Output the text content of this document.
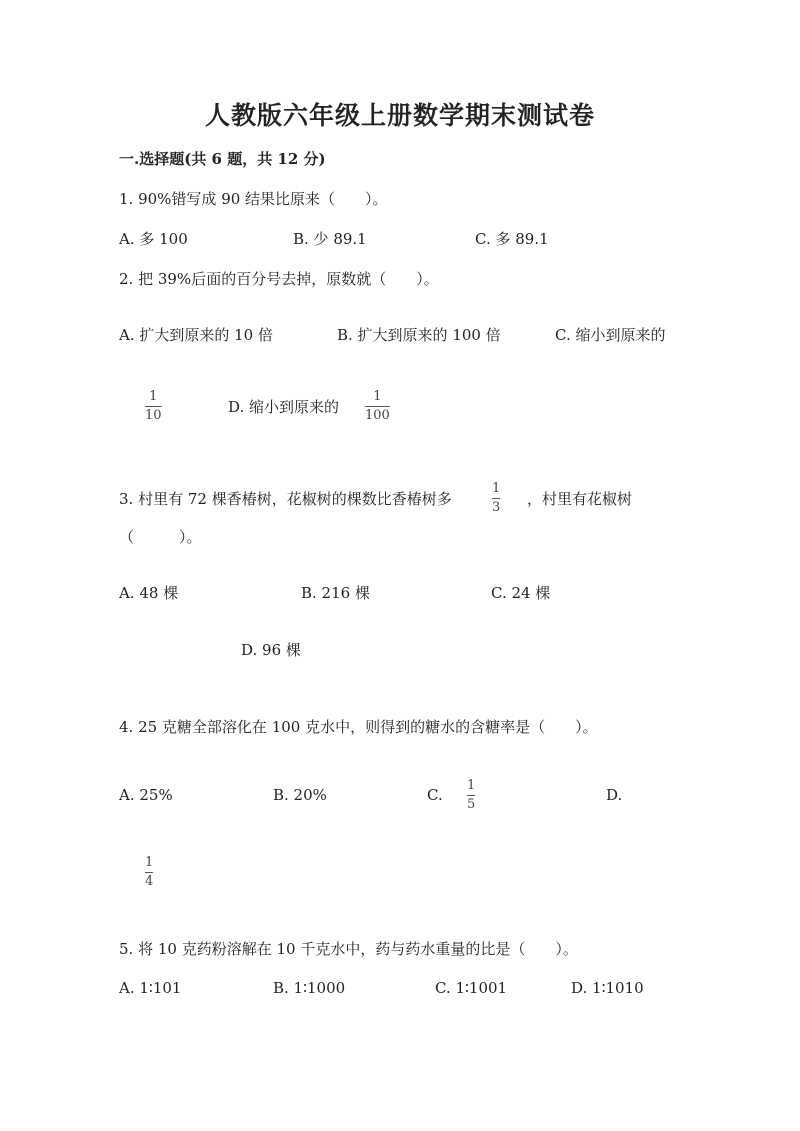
人教版六年级上册数学期末测试卷
一.选择题(共 6 题，共 12 分)
1. 90%错写成 90 结果比原来（　　）。
A. 多 100	B. 少 89.1	C. 多 89.1
2. 把 39%后面的百分号去掉，原数就（　　）。
A. 扩大到原来的 10 倍	B. 扩大到原来的 100 倍	C. 缩小到原来的
1
10	D. 缩小到原来的
1
100
3. 村里有 72 棵香椿树，花椒树的棵数比香椿树多
1
3 ，村里有花椒树
（　　　）。
A. 48 棵	B. 216 棵	C. 24 棵
D. 96 棵
4. 25 克糖全部溶化在 100 克水中，则得到的糖水的含糖率是（　　）。
A. 25%	B. 20%	C.
1
5
D.
1
4
5. 将 10 克药粉溶解在 10 千克水中，药与药水重量的比是（　　）。
A. 1∶101	B. 1∶1000	C. 1∶1001	D. 1∶1010
